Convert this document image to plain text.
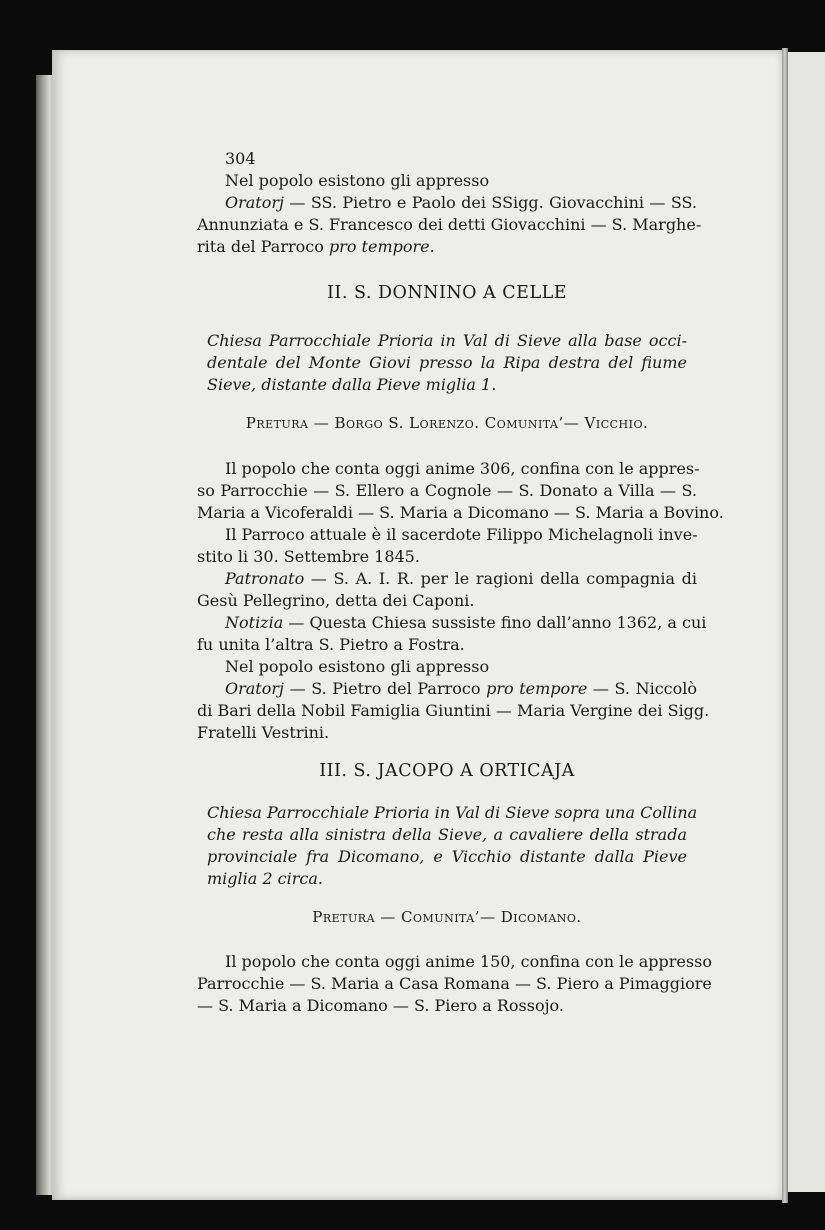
304
Nel popolo esistono gli appresso
Oratorj — SS. Pietro e Paolo dei SSigg. Giovacchini — SS.
Annunziata e S. Francesco dei detti Giovacchini — S. Marghe-
rita del Parroco pro tempore.
II. S. DONNINO A CELLE
Chiesa Parrocchiale Prioria in Val di Sieve alla base occi-
dentale del Monte Giovi presso la Ripa destra del fiume
Sieve, distante dalla Pieve miglia 1.
Pretura — Borgo S. Lorenzo. Comunita’— Vicchio.
Il popolo che conta oggi anime 306, confina con le appres-
so Parrocchie — S. Ellero a Cognole — S. Donato a Villa — S.
Maria a Vicoferaldi — S. Maria a Dicomano — S. Maria a Bovino.
Il Parroco attuale è il sacerdote Filippo Michelagnoli inve-
stito li 30. Settembre 1845.
Patronato — S. A. I. R. per le ragioni della compagnia di
Gesù Pellegrino, detta dei Caponi.
Notizia — Questa Chiesa sussiste fino dall’anno 1362, a cui
fu unita l’altra S. Pietro a Fostra.
Nel popolo esistono gli appresso
Oratorj — S. Pietro del Parroco pro tempore — S. Niccolò
di Bari della Nobil Famiglia Giuntini — Maria Vergine dei Sigg.
Fratelli Vestrini.
III. S. JACOPO A ORTICAJA
Chiesa Parrocchiale Prioria in Val di Sieve sopra una Collina
che resta alla sinistra della Sieve, a cavaliere della strada
provinciale fra Dicomano, e Vicchio distante dalla Pieve
miglia 2 circa.
Pretura — Comunita’— Dicomano.
Il popolo che conta oggi anime 150, confina con le appresso
Parrocchie — S. Maria a Casa Romana — S. Piero a Pimaggiore
— S. Maria a Dicomano — S. Piero a Rossojo.
